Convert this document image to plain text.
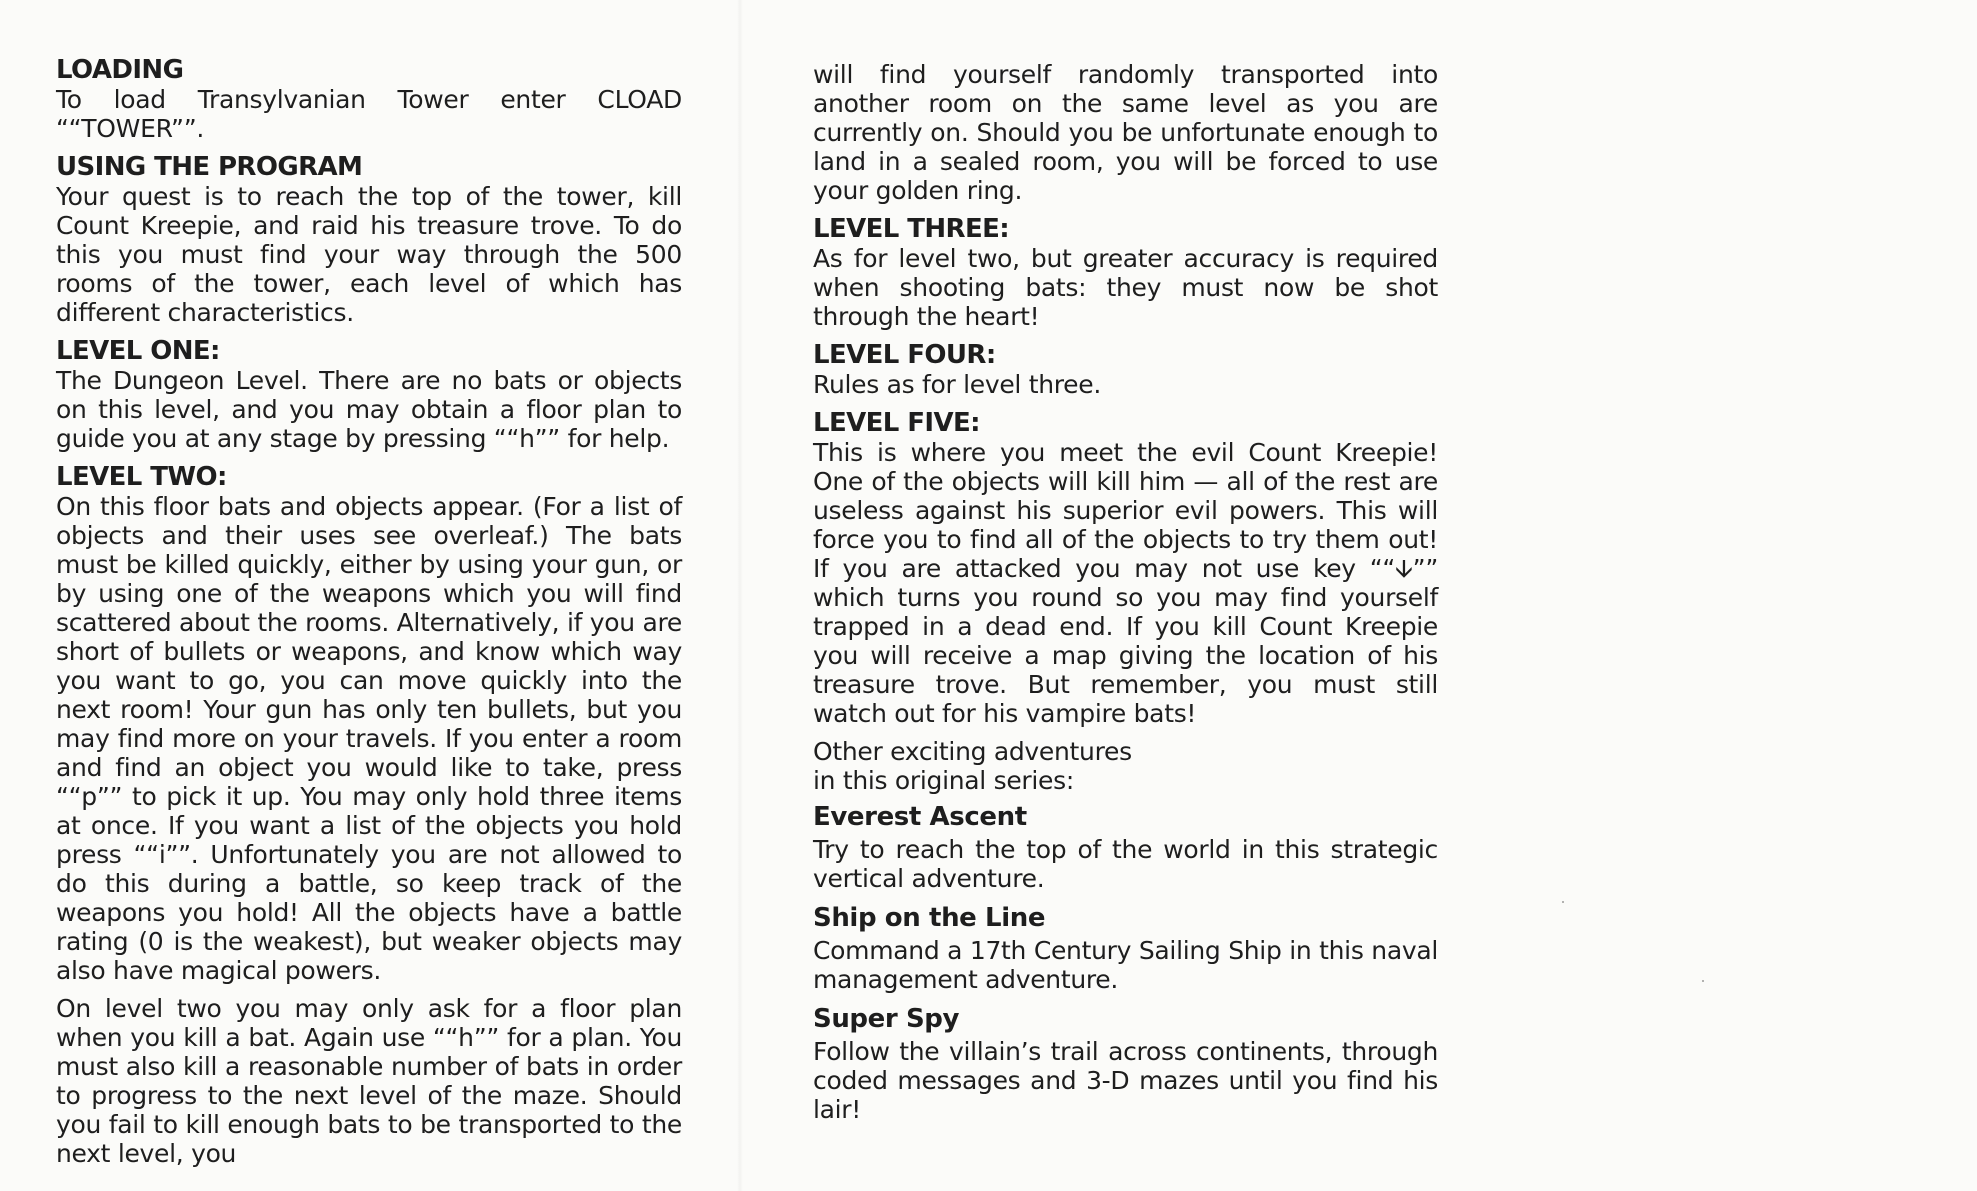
LOADING

To load Transylvanian Tower enter CLOAD ““TOWER””.

USING THE PROGRAM

Your quest is to reach the top of the tower, kill Count Kreepie, and raid his treasure trove. To do this you must find your way through the 500 rooms of the tower, each level of which has different characteristics.

LEVEL ONE:

The Dungeon Level. There are no bats or objects on this level, and you may obtain a floor plan to guide you at any stage by pressing ““h”” for help.

LEVEL TWO:

On this floor bats and objects appear. (For a list of objects and their uses see overleaf.) The bats must be killed quickly, either by using your gun, or by using one of the weapons which you will find scattered about the rooms. Alternatively, if you are short of bullets or weapons, and know which way you want to go, you can move quickly into the next room! Your gun has only ten bullets, but you may find more on your travels. If you enter a room and find an object you would like to take, press ““p”” to pick it up. You may only hold three items at once. If you want a list of the objects you hold press ““i””. Unfortunately you are not allowed to do this during a battle, so keep track of the weapons you hold! All the objects have a battle rating (0 is the weakest), but weaker objects may also have magical powers.

On level two you may only ask for a floor plan when you kill a bat. Again use ““h”” for a plan. You must also kill a reasonable number of bats in order to progress to the next level of the maze. Should you fail to kill enough bats to be transported to the next level, you

will find yourself randomly transported into another room on the same level as you are currently on. Should you be unfortunate enough to land in a sealed room, you will be forced to use your golden ring.

LEVEL THREE:

As for level two, but greater accuracy is required when shooting bats: they must now be shot through the heart!

LEVEL FOUR:

Rules as for level three.

LEVEL FIVE:

This is where you meet the evil Count Kreepie! One of the objects will kill him — all of the rest are useless against his superior evil powers. This will force you to find all of the objects to try them out! If you are attacked you may not use key ““🡫”” which turns you round so you may find yourself trapped in a dead end. If you kill Count Kreepie you will receive a map giving the location of his treasure trove. But remember, you must still watch out for his vampire bats!

Other exciting adventures
in this original series:
Everest Ascent

Try to reach the top of the world in this strategic vertical adventure.

Ship on the Line

Command a 17th Century Sailing Ship in this naval management adventure.

Super Spy

Follow the villain’s trail across continents, through coded messages and 3-D mazes until you find his lair!
